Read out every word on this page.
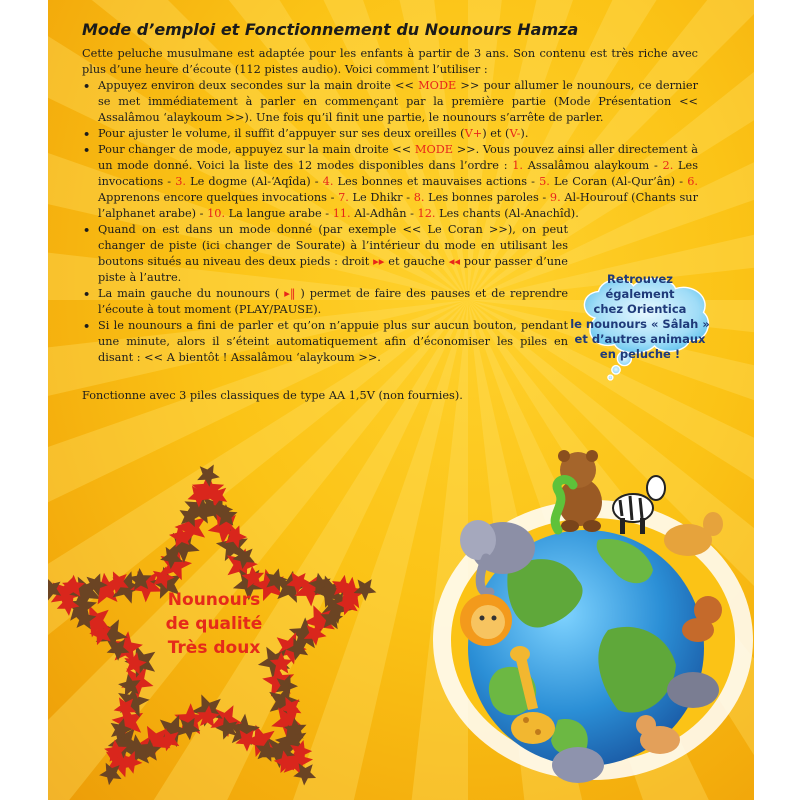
Mode d’emploi et Fonctionnement du Nounours Hamza

Cette peluche musulmane est adaptée pour les enfants à partir de 3 ans. Son contenu est très riche avec plus d’une heure d’écoute (112 pistes audio). Voici comment l’utiliser :

• Appuyez environ deux secondes sur la main droite << MODE >> pour allumer le nounours, ce dernier se met immédiatement à parler en commençant par la première partie (Mode Présentation << Assalâmou ‘alaykoum >>). Une fois qu’il finit une partie, le nounours s’arrête de parler.
• Pour ajuster le volume, il suffit d’appuyer sur ses deux oreilles (V+) et (V-).
• Pour changer de mode, appuyez sur la main droite << MODE >>. Vous pouvez ainsi aller directement à un mode donné. Voici la liste des 12 modes disponibles dans l’ordre : 1. Assalâmou alaykoum - 2. Les invocations - 3. Le dogme (Al-‘Aqîda) - 4. Les bonnes et mauvaises actions - 5. Le Coran (Al-Qur’ân) - 6. Apprenons encore quelques invocations - 7. Le Dhikr - 8. Les bonnes paroles - 9. Al-Hourouf (Chants sur l’alphanet arabe) - 10. La langue arabe - 11. Al-Adhân - 12. Les chants (Al-Anachîd).
• Quand on est dans un mode donné (par exemple << Le Coran >>), on peut changer de piste (ici changer de Sourate) à l’intérieur du mode en utilisant les boutons situés au niveau des deux pieds : droit ▸▸ et gauche ◂◂ pour passer d’une piste à l’autre.
• La main gauche du nounours ( ▸‖ ) permet de faire des pauses et de reprendre l’écoute à tout moment (PLAY/PAUSE).
• Si le nounours a fini de parler et qu’on n’appuie plus sur aucun bouton, pendant une minute, alors il s’éteint automatiquement afin d’économiser les piles en disant : << A bientôt ! Assalâmou ‘alaykoum >>.

Fonctionne avec 3 piles classiques de type AA 1,5V (non fournies).

Retrouvez
également
chez Orientica
le nounours « Sâlah »
et d’autres animaux
en peluche !
Nounours
de qualité
Très doux
